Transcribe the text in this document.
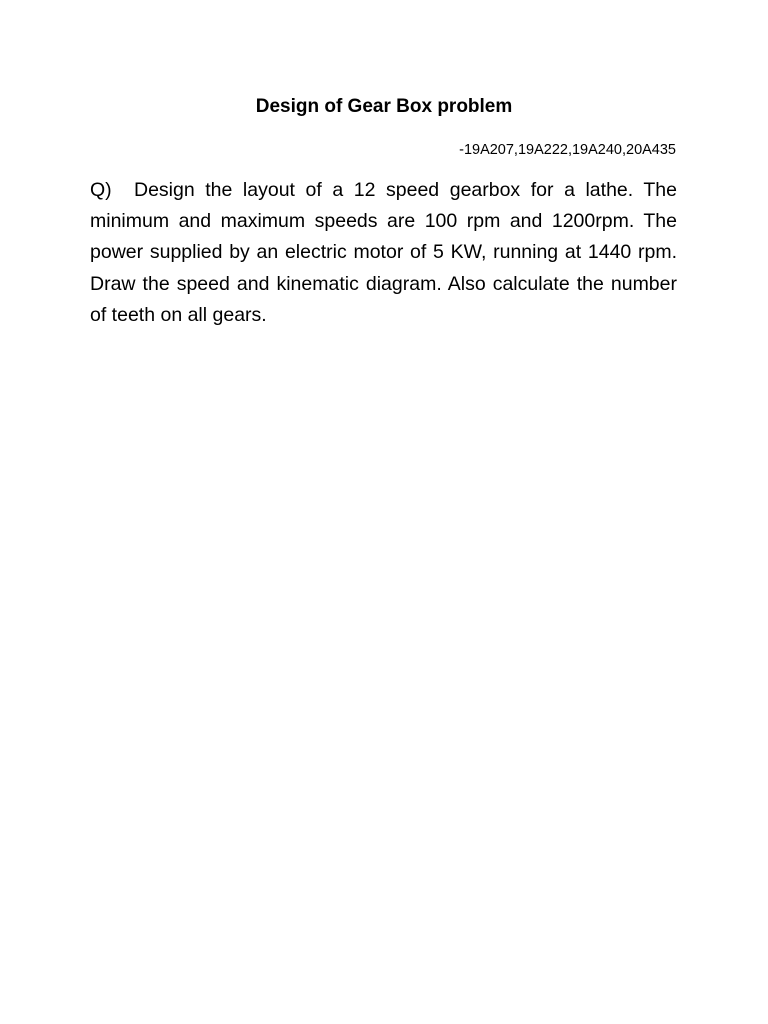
Design of Gear Box problem
-19A207,19A222,19A240,20A435

Q) Design the layout of a 12 speed gearbox for a lathe. The minimum and maximum speeds are 100 rpm and 1200rpm. The power supplied by an electric motor of 5 KW, running at 1440 rpm. Draw the speed and kinematic diagram. Also calculate the number of teeth on all gears.
